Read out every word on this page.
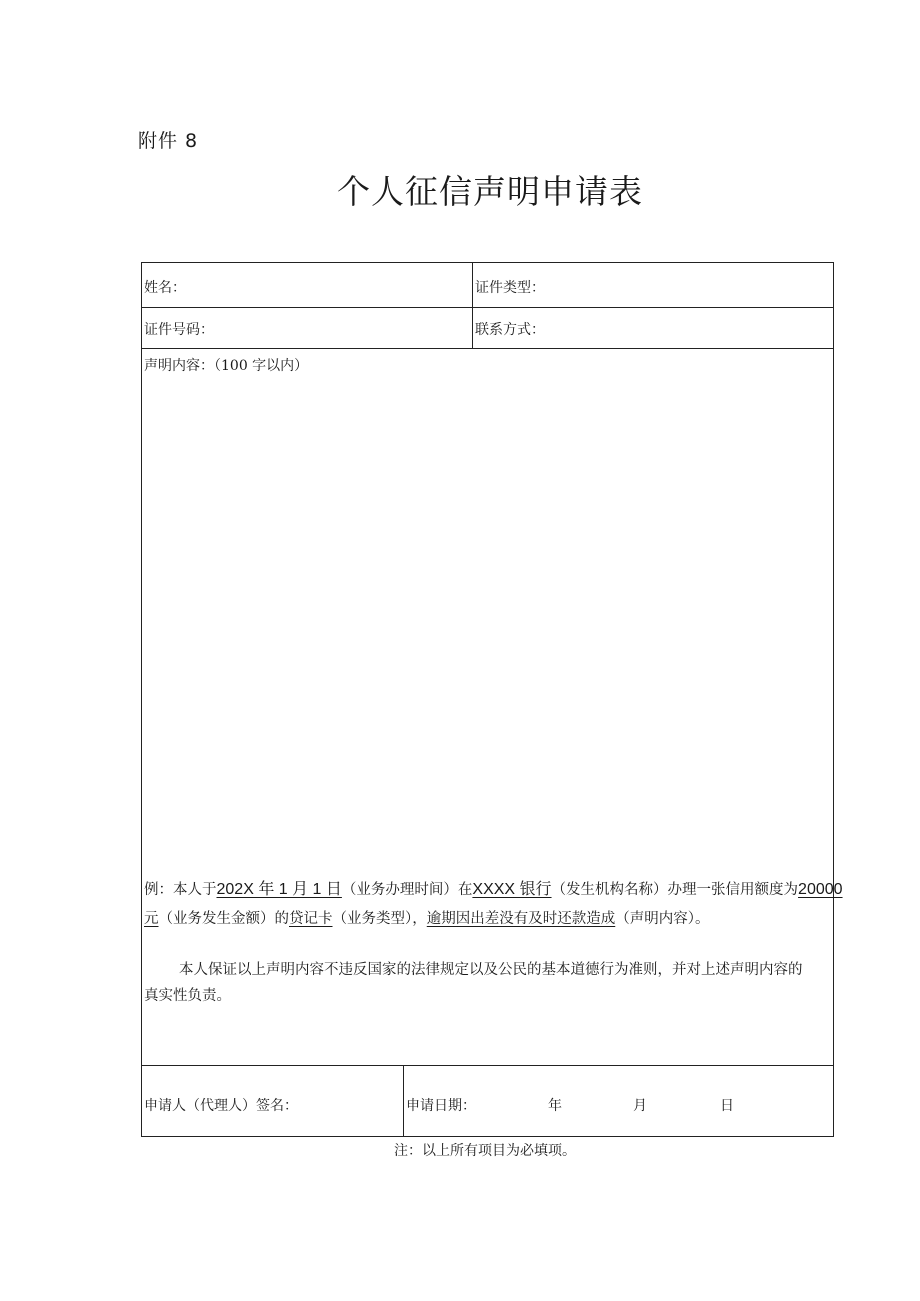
附件 8
个人征信声明申请表
姓名：	证件类型：
证件号码：	联系方式：
声明内容：（100 字以内）
例：本人于202X 年 1 月 1 日（业务办理时间）在XXXX 银行（发生机构名称）办理一张信用额度为20000
元（业务发生金额）的贷记卡（业务类型），逾期因出差没有及时还款造成（声明内容）。
本人保证以上声明内容不违反国家的法律规定以及公民的基本道德行为准则，并对上述声明内容的
真实性负责。
申请人（代理人）签名：	申请日期：	年	月	日
注：以上所有项目为必填项。
